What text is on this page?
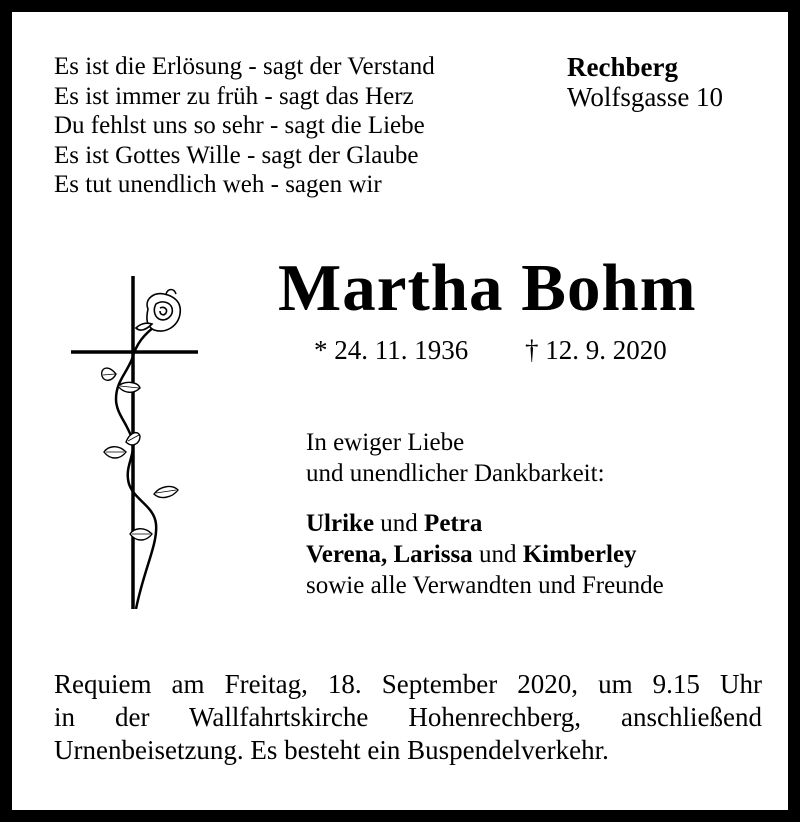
Es ist die Erlösung - sagt der Verstand
Es ist immer zu früh - sagt das Herz
Du fehlst uns so sehr - sagt die Liebe
Es ist Gottes Wille - sagt der Glaube
Es tut unendlich weh - sagen wir
Rechberg
Wolfsgasse 10
Martha Bohm
* 24. 11. 1936 † 12. 9. 2020
In ewiger Liebe
und unendlicher Dankbarkeit:
Ulrike und Petra
Verena, Larissa und Kimberley
sowie alle Verwandten und Freunde
Requiem am Freitag, 18. September 2020, um 9.15 Uhr
in der Wallfahrtskirche Hohenrechberg, anschließend
Urnenbeisetzung. Es besteht ein Buspendelverkehr.
